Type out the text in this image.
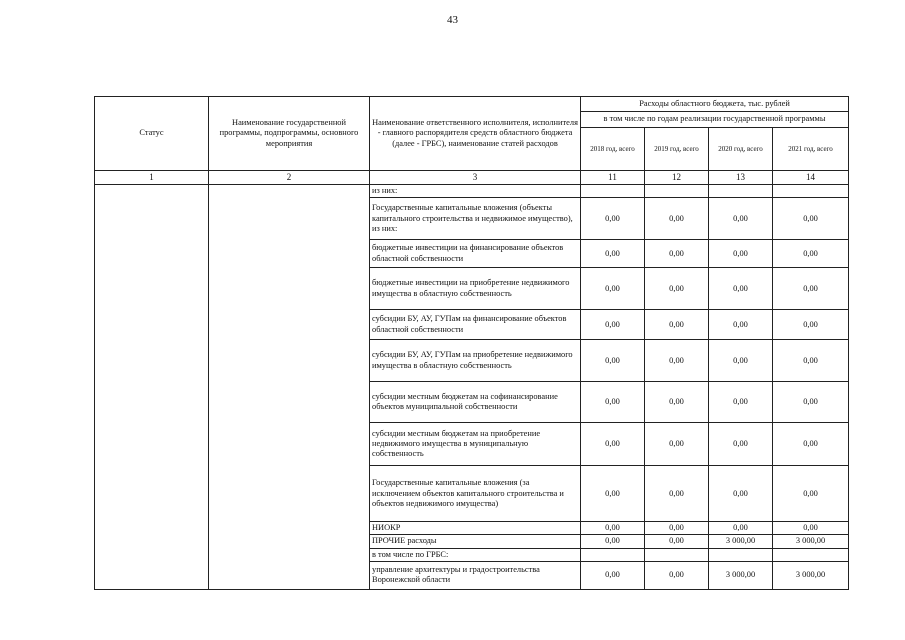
43
Статус	Наименование государственной программы, подпрограммы, основного мероприятия	Наименование ответственного исполнителя, исполнителя - главного распорядителя средств областного бюджета (далее - ГРБС), наименование статей расходов	Расходы областного бюджета, тыс. рублей			
			в том числе по годам реализации государственной программы			
			2018 год, всего	2019 год, всего	2020 год, всего	2021 год, всего
1	2	3	11	12	13	14
		из них:				
		Государственные капитальные вложения (объекты капитального строительства и недвижимое имущество), из них:	0,00	0,00	0,00	0,00
		бюджетные инвестиции на финансирование объектов областной собственности	0,00	0,00	0,00	0,00
		бюджетные инвестиции на приобретение недвижимого имущества в областную собственность	0,00	0,00	0,00	0,00
		субсидии БУ, АУ, ГУПам на финансирование объектов областной собственности	0,00	0,00	0,00	0,00
		субсидии БУ, АУ, ГУПам на приобретение недвижимого имущества в областную собственность	0,00	0,00	0,00	0,00
		субсидии местным бюджетам на софинансирование объектов муниципальной собственности	0,00	0,00	0,00	0,00
		субсидии местным бюджетам на приобретение недвижимого имущества в муниципальную собственность	0,00	0,00	0,00	0,00
		Государственные капитальные вложения (за исключением объектов капитального строительства и объектов недвижимого имущества)	0,00	0,00	0,00	0,00
		НИОКР	0,00	0,00	0,00	0,00
		ПРОЧИЕ расходы	0,00	0,00	3 000,00	3 000,00
		в том числе по ГРБС:				
		управление архитектуры и градостроительства Воронежской области	0,00	0,00	3 000,00	3 000,00
